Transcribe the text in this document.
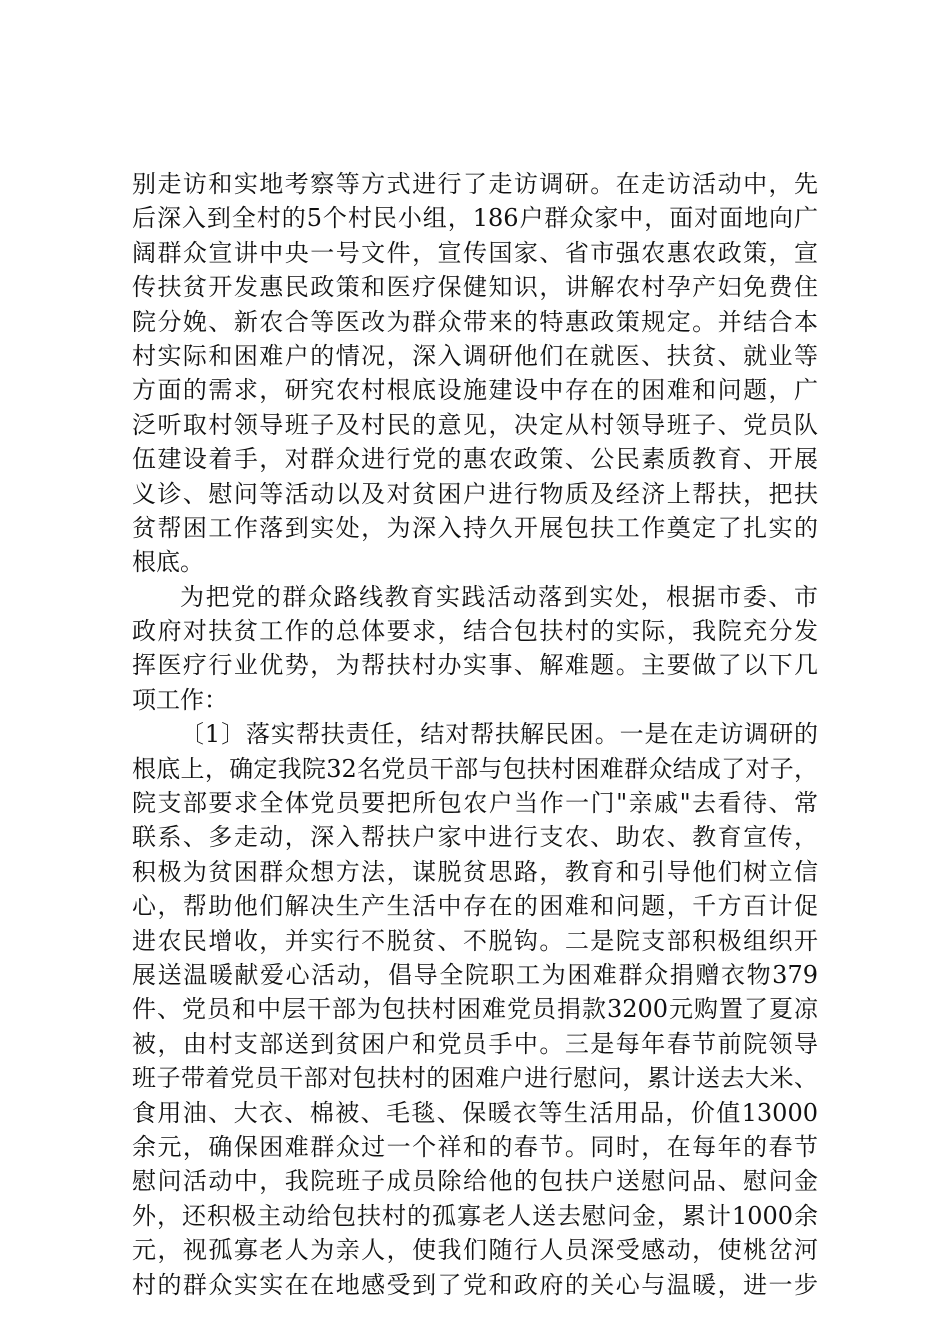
别走访和实地考察等方式进行了走访调研。在走访活动中，先
后深入到全村的5个村民小组，186户群众家中，面对面地向广
阔群众宣讲中央一号文件，宣传国家、省市强农惠农政策，宣
传扶贫开发惠民政策和医疗保健知识，讲解农村孕产妇免费住
院分娩、新农合等医改为群众带来的特惠政策规定。并结合本
村实际和困难户的情况，深入调研他们在就医、扶贫、就业等
方面的需求，研究农村根底设施建设中存在的困难和问题，广
泛听取村领导班子及村民的意见，决定从村领导班子、党员队
伍建设着手，对群众进行党的惠农政策、公民素质教育、开展
义诊、慰问等活动以及对贫困户进行物质及经济上帮扶，把扶
贫帮困工作落到实处，为深入持久开展包扶工作奠定了扎实的
根底。
为把党的群众路线教育实践活动落到实处，根据市委、市
政府对扶贫工作的总体要求，结合包扶村的实际，我院充分发
挥医疗行业优势，为帮扶村办实事、解难题。主要做了以下几
项工作：
〔1〕落实帮扶责任，结对帮扶解民困。一是在走访调研的
根底上，确定我院32名党员干部与包扶村困难群众结成了对子，
院支部要求全体党员要把所包农户当作一门"亲戚"去看待、常
联系、多走动，深入帮扶户家中进行支农、助农、教育宣传，
积极为贫困群众想方法，谋脱贫思路，教育和引导他们树立信
心，帮助他们解决生产生活中存在的困难和问题，千方百计促
进农民增收，并实行不脱贫、不脱钩。二是院支部积极组织开
展送温暖献爱心活动，倡导全院职工为困难群众捐赠衣物379
件、党员和中层干部为包扶村困难党员捐款3200元购置了夏凉
被，由村支部送到贫困户和党员手中。三是每年春节前院领导
班子带着党员干部对包扶村的困难户进行慰问，累计送去大米、
食用油、大衣、棉被、毛毯、保暖衣等生活用品，价值13000
余元，确保困难群众过一个祥和的春节。同时，在每年的春节
慰问活动中，我院班子成员除给他的包扶户送慰问品、慰问金
外，还积极主动给包扶村的孤寡老人送去慰问金，累计1000余
元，视孤寡老人为亲人，使我们随行人员深受感动，使桃岔河
村的群众实实在在地感受到了党和政府的关心与温暖，进一步
